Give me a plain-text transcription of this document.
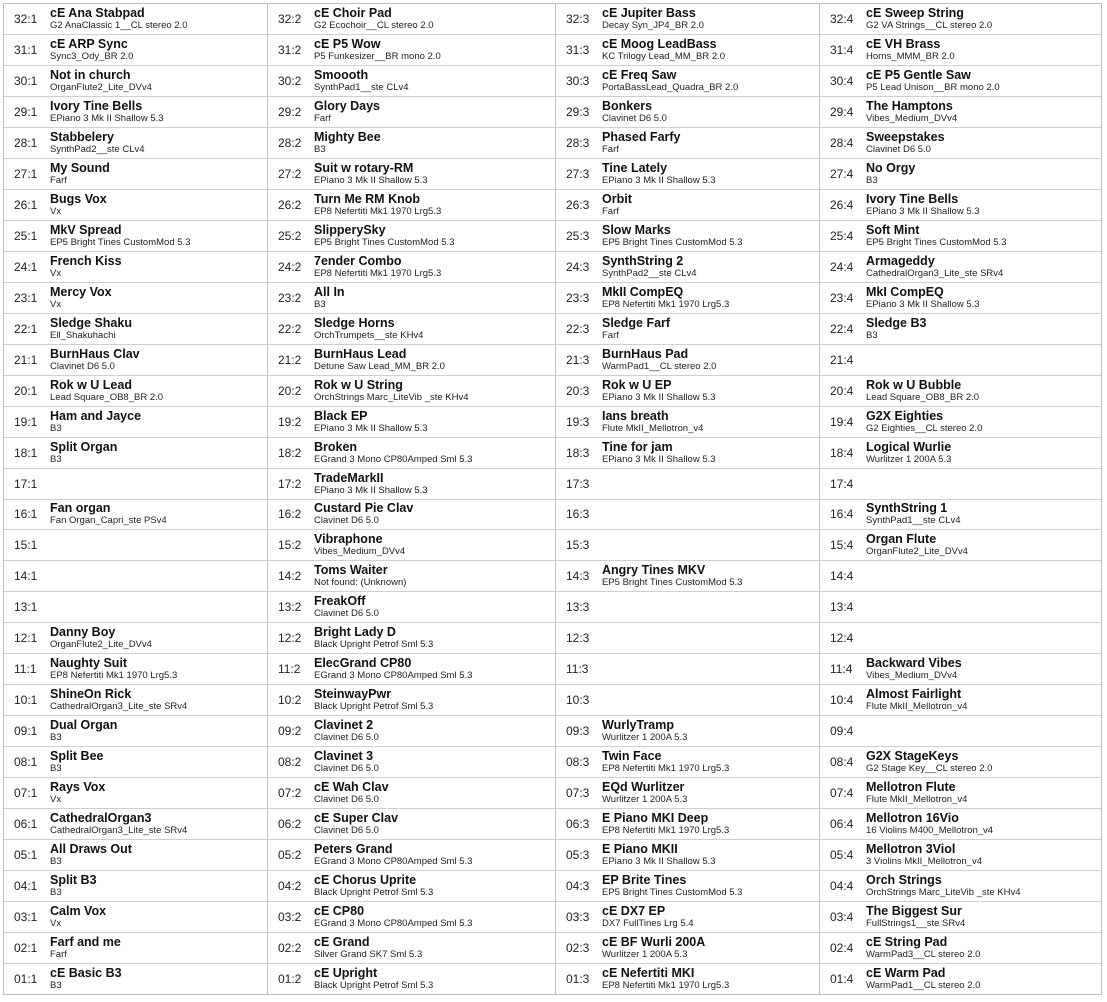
32:1	cE Ana Stabpad
G2 AnaClassic 1__CL stereo 2.0
31:1	cE ARP Sync
Sync3_Ody_BR 2.0
30:1	Not in church
OrganFlute2_Lite_DVv4
29:1	Ivory Tine Bells
EPiano 3 Mk II Shallow 5.3
28:1	Stabbelery
SynthPad2__ste CLv4
27:1	My Sound
Farf
26:1	Bugs Vox
Vx
25:1	MkV Spread
EP5 Bright Tines CustomMod 5.3
24:1	French Kiss
Vx
23:1	Mercy Vox
Vx
22:1	Sledge Shaku
Ell_Shakuhachi
21:1	BurnHaus Clav
Clavinet D6 5.0
20:1	Rok w U Lead
Lead Square_OB8_BR 2.0
19:1	Ham and Jayce
B3
18:1	Split Organ
B3
17:1
16:1	Fan organ
Fan Organ_Capri_ste PSv4
15:1
14:1
13:1
12:1	Danny Boy
OrganFlute2_Lite_DVv4
11:1	Naughty Suit
EP8 Nefertiti Mk1 1970 Lrg5.3
10:1	ShineOn Rick
CathedralOrgan3_Lite_ste SRv4
09:1	Dual Organ
B3
08:1	Split Bee
B3
07:1	Rays Vox
Vx
06:1	CathedralOrgan3
CathedralOrgan3_Lite_ste SRv4
05:1	All Draws Out
B3
04:1	Split B3
B3
03:1	Calm Vox
Vx
02:1	Farf and me
Farf
01:1	cE Basic B3
B3
32:2	cE Choir Pad
G2 Ecochoir__CL stereo 2.0
31:2	cE P5 Wow
P5 Funkesizer__BR mono 2.0
30:2	Smoooth
SynthPad1__ste CLv4
29:2	Glory Days
Farf
28:2	Mighty Bee
B3
27:2	Suit w rotary-RM
EPiano 3 Mk II Shallow 5.3
26:2	Turn Me RM Knob
EP8 Nefertiti Mk1 1970 Lrg5.3
25:2	SlipperySky
EP5 Bright Tines CustomMod 5.3
24:2	7ender Combo
EP8 Nefertiti Mk1 1970 Lrg5.3
23:2	All In
B3
22:2	Sledge Horns
OrchTrumpets__ste KHv4
21:2	BurnHaus Lead
Detune Saw Lead_MM_BR 2.0
20:2	Rok w U String
OrchStrings Marc_LiteVib _ste KHv4
19:2	Black EP
EPiano 3 Mk II Shallow 5.3
18:2	Broken
EGrand 3 Mono CP80Amped Sml 5.3
17:2	TradeMarkII
EPiano 3 Mk II Shallow 5.3
16:2	Custard Pie Clav
Clavinet D6 5.0
15:2	Vibraphone
Vibes_Medium_DVv4
14:2	Toms Waiter
Not found: (Unknown)
13:2	FreakOff
Clavinet D6 5.0
12:2	Bright Lady D
Black Upright Petrof Sml 5.3
11:2	ElecGrand CP80
EGrand 3 Mono CP80Amped Sml 5.3
10:2	SteinwayPwr
Black Upright Petrof Sml 5.3
09:2	Clavinet 2
Clavinet D6 5.0
08:2	Clavinet 3
Clavinet D6 5.0
07:2	cE Wah Clav
Clavinet D6 5.0
06:2	cE Super Clav
Clavinet D6 5.0
05:2	Peters Grand
EGrand 3 Mono CP80Amped Sml 5.3
04:2	cE Chorus Uprite
Black Upright Petrof Sml 5.3
03:2	cE CP80
EGrand 3 Mono CP80Amped Sml 5.3
02:2	cE Grand
Silver Grand SK7 Sml 5.3
01:2	cE Upright
Black Upright Petrof Sml 5.3
32:3	cE Jupiter Bass
Decay Syn_JP4_BR 2.0
31:3	cE Moog LeadBass
KC Trilogy Lead_MM_BR 2.0
30:3	cE Freq Saw
PortaBassLead_Quadra_BR 2.0
29:3	Bonkers
Clavinet D6 5.0
28:3	Phased Farfy
Farf
27:3	Tine Lately
EPiano 3 Mk II Shallow 5.3
26:3	Orbit
Farf
25:3	Slow Marks
EP5 Bright Tines CustomMod 5.3
24:3	SynthString 2
SynthPad2__ste CLv4
23:3	MkII CompEQ
EP8 Nefertiti Mk1 1970 Lrg5.3
22:3	Sledge Farf
Farf
21:3	BurnHaus Pad
WarmPad1__CL stereo 2.0
20:3	Rok w U EP
EPiano 3 Mk II Shallow 5.3
19:3	Ians breath
Flute MkII_Mellotron_v4
18:3	Tine for jam
EPiano 3 Mk II Shallow 5.3
17:3
16:3
15:3
14:3	Angry Tines MKV
EP5 Bright Tines CustomMod 5.3
13:3
12:3
11:3
10:3
09:3	WurlyTramp
Wurlitzer 1 200A 5.3
08:3	Twin Face
EP8 Nefertiti Mk1 1970 Lrg5.3
07:3	EQd Wurlitzer
Wurlitzer 1 200A 5.3
06:3	E Piano MKI Deep
EP8 Nefertiti Mk1 1970 Lrg5.3
05:3	E Piano MKII
EPiano 3 Mk II Shallow 5.3
04:3	EP Brite Tines
EP5 Bright Tines CustomMod 5.3
03:3	cE DX7 EP
DX7 FullTines Lrg 5.4
02:3	cE BF Wurli 200A
Wurlitzer 1 200A 5.3
01:3	cE Nefertiti MKI
EP8 Nefertiti Mk1 1970 Lrg5.3
32:4	cE Sweep String
G2 VA Strings__CL stereo 2.0
31:4	cE VH Brass
Horns_MMM_BR 2.0
30:4	cE P5 Gentle Saw
P5 Lead Unison__BR mono 2.0
29:4	The Hamptons
Vibes_Medium_DVv4
28:4	Sweepstakes
Clavinet D6 5.0
27:4	No Orgy
B3
26:4	Ivory Tine Bells
EPiano 3 Mk II Shallow 5.3
25:4	Soft Mint
EP5 Bright Tines CustomMod 5.3
24:4	Armageddy
CathedralOrgan3_Lite_ste SRv4
23:4	MkI CompEQ
EPiano 3 Mk II Shallow 5.3
22:4	Sledge B3
B3
21:4
20:4	Rok w U Bubble
Lead Square_OB8_BR 2.0
19:4	G2X Eighties
G2 Eighties__CL stereo 2.0
18:4	Logical Wurlie
Wurlitzer 1 200A 5.3
17:4
16:4	SynthString 1
SynthPad1__ste CLv4
15:4	Organ Flute
OrganFlute2_Lite_DVv4
14:4
13:4
12:4
11:4	Backward Vibes
Vibes_Medium_DVv4
10:4	Almost Fairlight
Flute MkII_Mellotron_v4
09:4
08:4	G2X StageKeys
G2 Stage Key__CL stereo 2.0
07:4	Mellotron Flute
Flute MkII_Mellotron_v4
06:4	Mellotron 16Vio
16 Violins M400_Mellotron_v4
05:4	Mellotron 3Viol
3 Violins MkII_Mellotron_v4
04:4	Orch Strings
OrchStrings Marc_LiteVib _ste KHv4
03:4	The Biggest Sur
FullStrings1__ste SRv4
02:4	cE String Pad
WarmPad3__CL stereo 2.0
01:4	cE Warm Pad
WarmPad1__CL stereo 2.0
